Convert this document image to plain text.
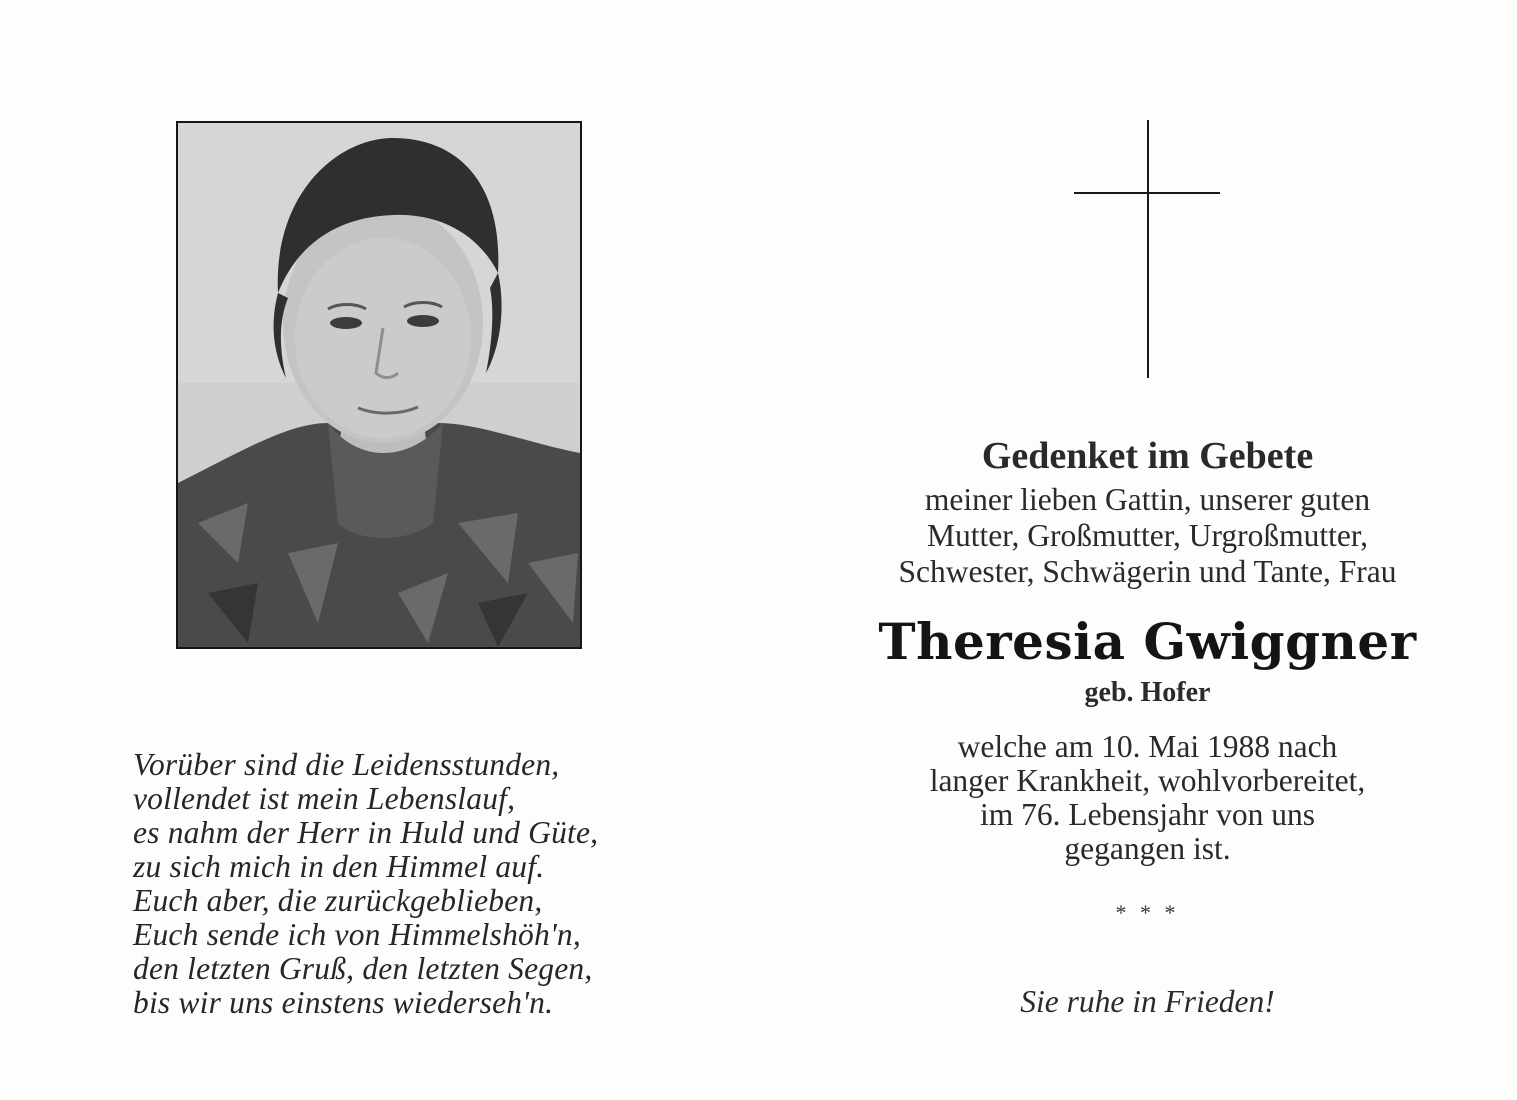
Vorüber sind die Leidensstunden,
vollendet ist mein Lebenslauf,
es nahm der Herr in Huld und Güte,
zu sich mich in den Himmel auf.
Euch aber, die zurückgeblieben,
Euch sende ich von Himmelshöh'n,
den letzten Gruß, den letzten Segen,
bis wir uns einstens wiederseh'n.
Gedenket im Gebete
meiner lieben Gattin, unserer guten
Mutter, Großmutter, Urgroßmutter,
Schwester, Schwägerin und Tante, Frau
Theresia Gwiggner
geb. Hofer
welche am 10. Mai 1988 nach
langer Krankheit, wohlvorbereitet,
im 76. Lebensjahr von uns
gegangen ist.
* * *
Sie ruhe in Frieden!
